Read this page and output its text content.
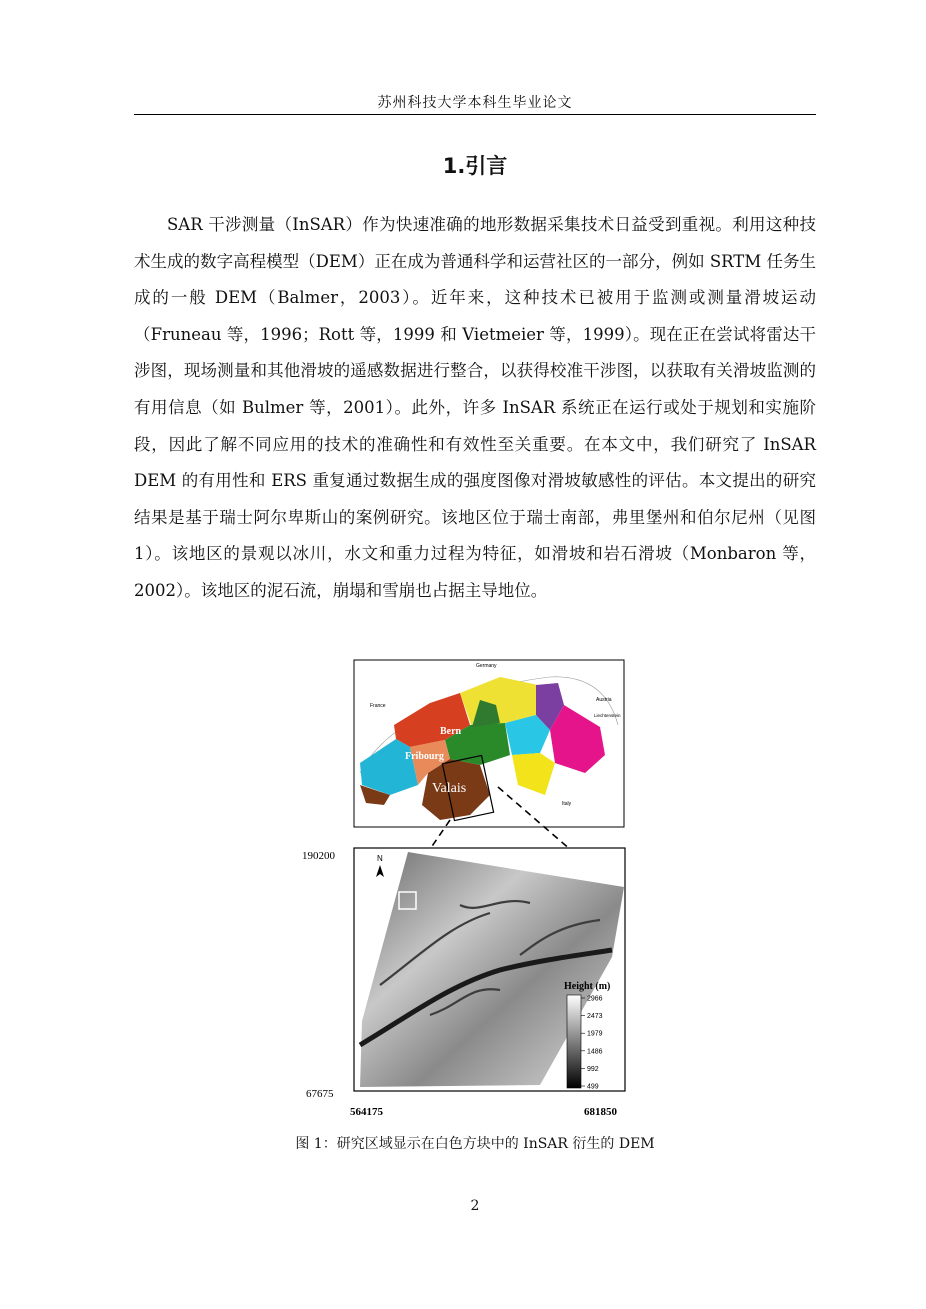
苏州科技大学本科生毕业论文
1.引言

SAR 干涉测量（InSAR）作为快速准确的地形数据采集技术日益受到重视。利用这种技术生成的数字高程模型（DEM）正在成为普通科学和运营社区的一部分，例如 SRTM 任务生成的一般 DEM（Balmer，2003）。近年来，这种技术已被用于监测或测量滑坡运动（Fruneau 等，1996；Rott 等，1999 和 Vietmeier 等，1999）。现在正在尝试将雷达干涉图，现场测量和其他滑坡的遥感数据进行整合，以获得校准干涉图，以获取有关滑坡监测的有用信息（如 Bulmer 等，2001）。此外，许多 InSAR 系统正在运行或处于规划和实施阶段，因此了解不同应用的技术的准确性和有效性至关重要。在本文中，我们研究了 InSAR DEM 的有用性和 ERS 重复通过数据生成的强度图像对滑坡敏感性的评估。本文提出的研究结果是基于瑞士阿尔卑斯山的案例研究。该地区位于瑞士南部，弗里堡州和伯尔尼州（见图 1）。该地区的景观以冰川，水文和重力过程为特征，如滑坡和岩石滑坡（Monbaron 等，2002）。该地区的泥石流，崩塌和雪崩也占据主导地位。

Germany
France
Austria
Liechtenstein
Italy
Bern
Fribourg
Valais
N
Height (m)
2966
2473
1979
1486
992
499
190200
67675
564175	681850
图 1：研究区域显示在白色方块中的 InSAR 衍生的 DEM
2
